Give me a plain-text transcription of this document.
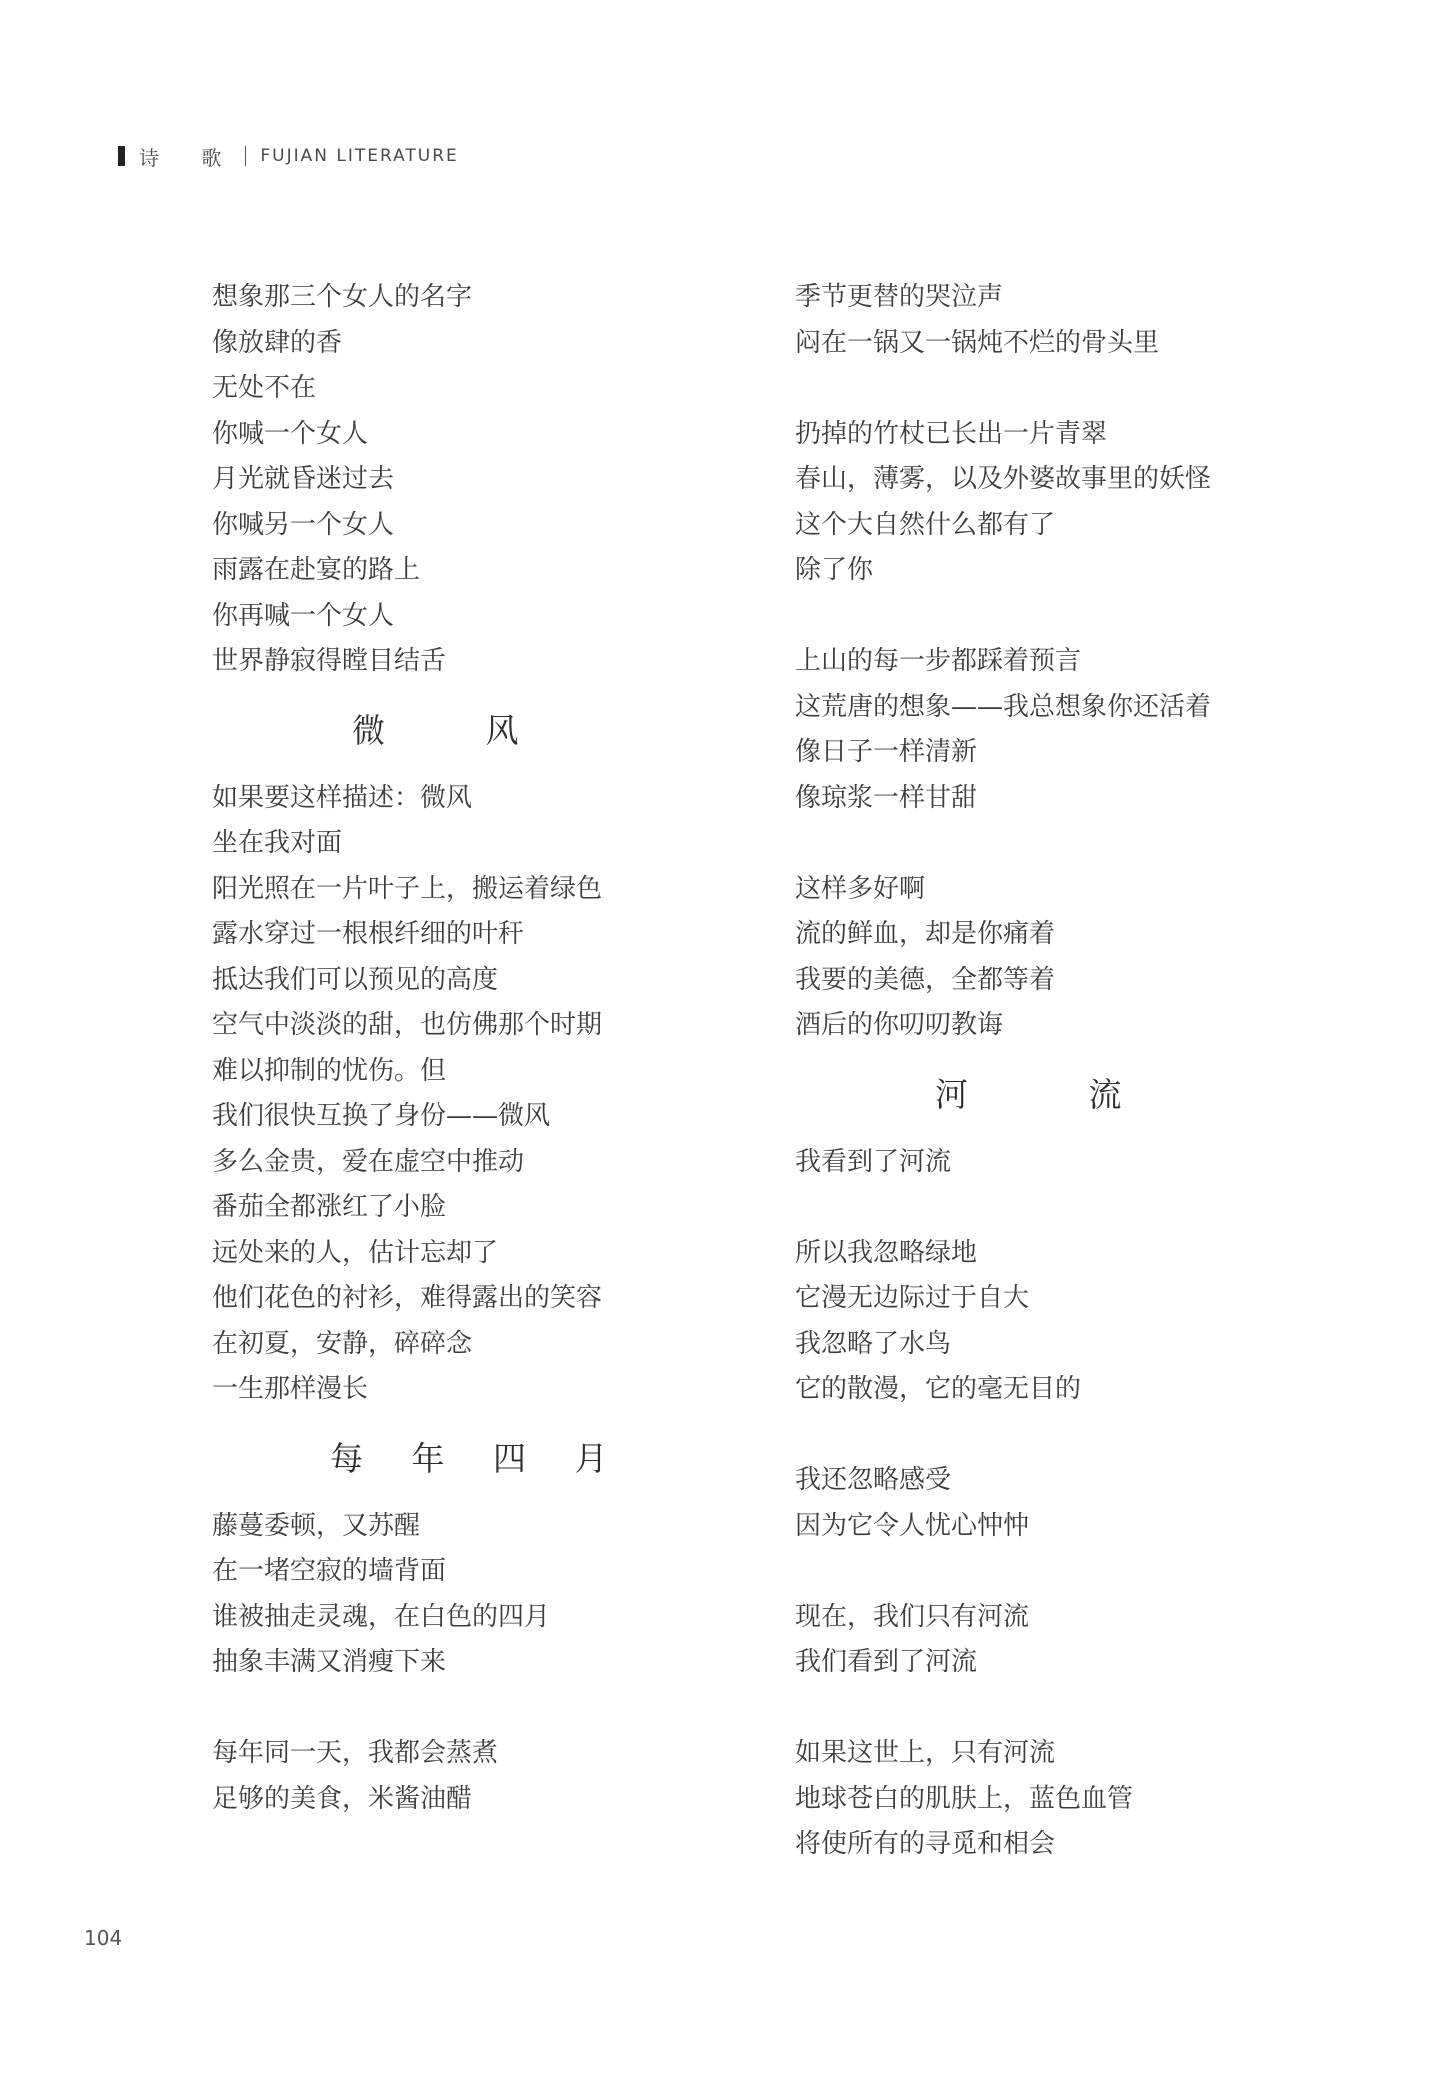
诗 歌 FUJIAN LITERATURE
想象那三个女人的名字
像放肆的香
无处不在
你喊一个女人
月光就昏迷过去
你喊另一个女人
雨露在赴宴的路上
你再喊一个女人
世界静寂得瞠目结舌
微 风
如果要这样描述：微风
坐在我对面
阳光照在一片叶子上，搬运着绿色
露水穿过一根根纤细的叶秆
抵达我们可以预见的高度
空气中淡淡的甜，也仿佛那个时期
难以抑制的忧伤。但
我们很快互换了身份——微风
多么金贵，爱在虚空中推动
番茄全都涨红了小脸
远处来的人，估计忘却了
他们花色的衬衫，难得露出的笑容
在初夏，安静，碎碎念
一生那样漫长
每 年 四 月
藤蔓委顿，又苏醒
在一堵空寂的墙背面
谁被抽走灵魂，在白色的四月
抽象丰满又消瘦下来
每年同一天，我都会蒸煮
足够的美食，米酱油醋
季节更替的哭泣声
闷在一锅又一锅炖不烂的骨头里
扔掉的竹杖已长出一片青翠
春山，薄雾，以及外婆故事里的妖怪
这个大自然什么都有了
除了你
上山的每一步都踩着预言
这荒唐的想象——我总想象你还活着
像日子一样清新
像琼浆一样甘甜
这样多好啊
流的鲜血，却是你痛着
我要的美德，全都等着
酒后的你叨叨教诲
河 流
我看到了河流
所以我忽略绿地
它漫无边际过于自大
我忽略了水鸟
它的散漫，它的毫无目的
我还忽略感受
因为它令人忧心忡忡
现在，我们只有河流
我们看到了河流
如果这世上，只有河流
地球苍白的肌肤上，蓝色血管
将使所有的寻觅和相会
104
